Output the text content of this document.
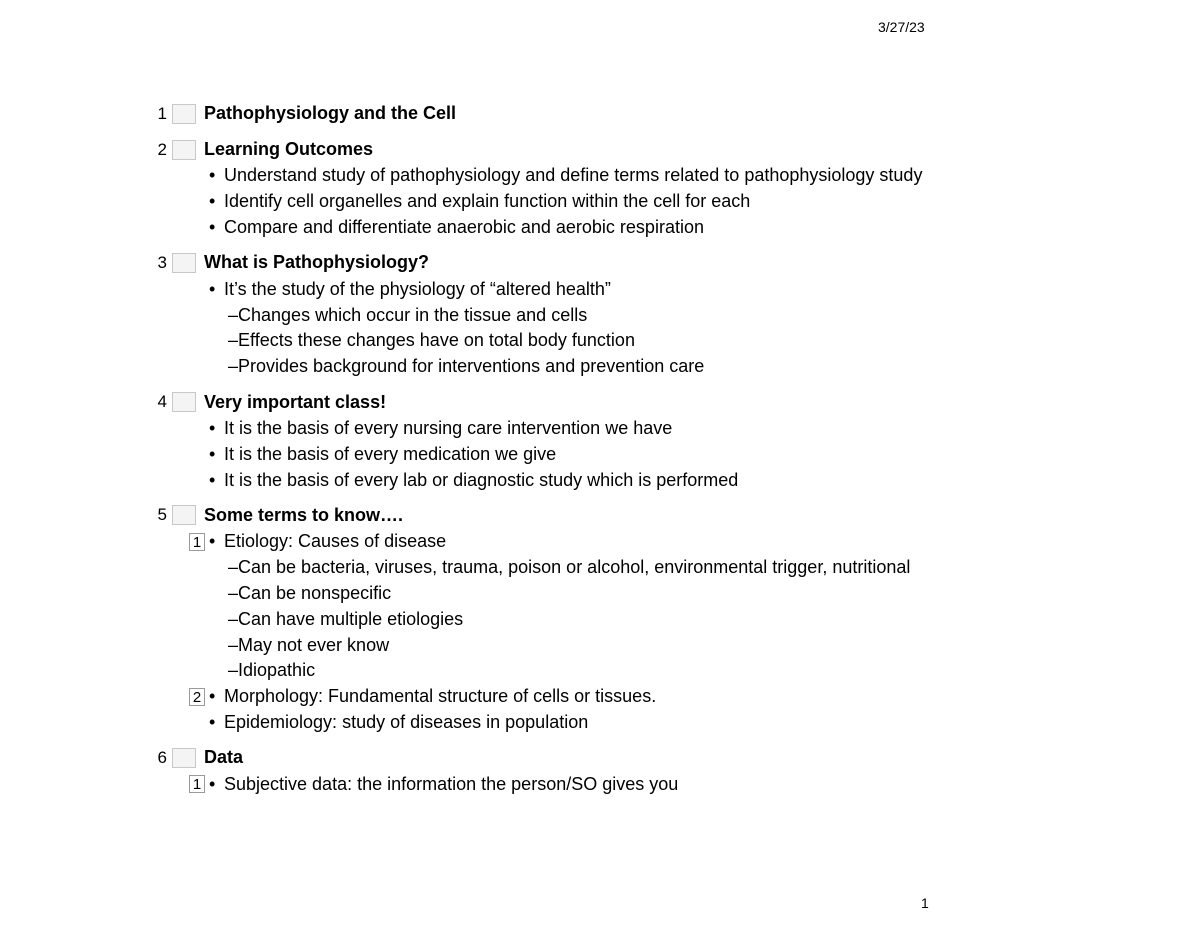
3/27/23
1 Pathophysiology and the Cell
2 Learning Outcomes
• Understand study of pathophysiology and define terms related to pathophysiology study
• Identify cell organelles and explain function within the cell for each
• Compare and differentiate anaerobic and aerobic respiration
3 What is Pathophysiology?
• It’s the study of the physiology of “altered health”
–Changes which occur in the tissue and cells
–Effects these changes have on total body function
–Provides background for interventions and prevention care
4 Very important class!
• It is the basis of every nursing care intervention we have
• It is the basis of every medication we give
• It is the basis of every lab or diagnostic study which is performed
5 Some terms to know….
1 • Etiology: Causes of disease
–Can be bacteria, viruses, trauma, poison or alcohol, environmental trigger, nutritional
–Can be nonspecific
–Can have multiple etiologies
–May not ever know
–Idiopathic
2 • Morphology: Fundamental structure of cells or tissues.
• Epidemiology: study of diseases in population
6 Data
1 • Subjective data: the information the person/SO gives you
1
